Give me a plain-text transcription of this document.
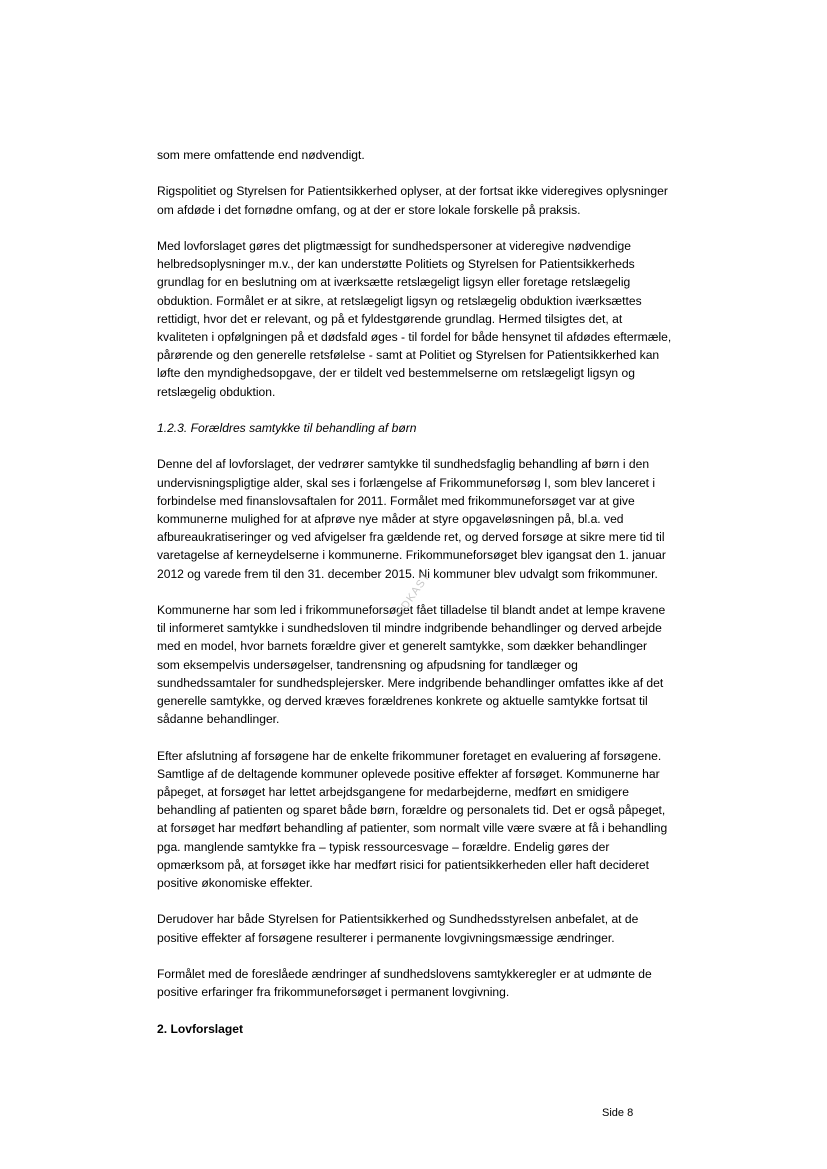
som mere omfattende end nødvendigt.

Rigspolitiet og Styrelsen for Patientsikkerhed oplyser, at der fortsat ikke videregives oplysninger om afdøde i det fornødne omfang, og at der er store lokale forskelle på praksis.

Med lovforslaget gøres det pligtmæssigt for sundhedspersoner at videregive nødvendige helbredsoplysninger m.v., der kan understøtte Politiets og Styrelsen for Patientsikkerheds grundlag for en beslutning om at iværksætte retslægeligt ligsyn eller foretage retslægelig obduktion. Formålet er at sikre, at retslægeligt ligsyn og retslægelig obduktion iværksættes rettidigt, hvor det er relevant, og på et fyldestgørende grundlag. Hermed tilsigtes det, at kvaliteten i opfølgningen på et dødsfald øges - til fordel for både hensynet til afdødes eftermæle, pårørende og den generelle retsfølelse - samt at Politiet og Styrelsen for Patientsikkerhed kan løfte den myndighedsopgave, der er tildelt ved bestemmelserne om retslægeligt ligsyn og retslægelig obduktion.

1.2.3. Forældres samtykke til behandling af børn

Denne del af lovforslaget, der vedrører samtykke til sundhedsfaglig behandling af børn i den undervisningspligtige alder, skal ses i forlængelse af Frikommuneforsøg I, som blev lanceret i forbindelse med finanslovsaftalen for 2011. Formålet med frikommuneforsøget var at give kommunerne mulighed for at afprøve nye måder at styre opgaveløsningen på, bl.a. ved afbureaukratiseringer og ved afvigelser fra gældende ret, og derved forsøge at sikre mere tid til varetagelse af kerneydelserne i kommunerne. Frikommuneforsøget blev igangsat den 1. januar 2012 og varede frem til den 31. december 2015. Ni kommuner blev udvalgt som frikommuner.

Kommunerne har som led i frikommuneforsøget fået tilladelse til blandt andet at lempe kravene til informeret samtykke i sundhedsloven til mindre indgribende behandlinger og derved arbejde med en model, hvor barnets forældre giver et generelt samtykke, som dækker behandlinger som eksempelvis undersøgelser, tandrensning og afpudsning for tandlæger og sundhedssamtaler for sundhedsplejersker. Mere indgribende behandlinger omfattes ikke af det generelle samtykke, og derved kræves forældrenes konkrete og aktuelle samtykke fortsat til sådanne behandlinger.

Efter afslutning af forsøgene har de enkelte frikommuner foretaget en evaluering af forsøgene. Samtlige af de deltagende kommuner oplevede positive effekter af forsøget. Kommunerne har påpeget, at forsøget har lettet arbejdsgangene for medarbejderne, medført en smidigere behandling af patienten og sparet både børn, forældre og personalets tid. Det er også påpeget, at forsøget har medført behandling af patienter, som normalt ville være svære at få i behandling pga. manglende samtykke fra – typisk ressourcesvage – forældre. Endelig gøres der opmærksom på, at forsøget ikke har medført risici for patientsikkerheden eller haft decideret positive økonomiske effekter.

Derudover har både Styrelsen for Patientsikkerhed og Sundhedsstyrelsen anbefalet, at de positive effekter af forsøgene resulterer i permanente lovgivningsmæssige ændringer.

Formålet med de foreslåede ændringer af sundhedslovens samtykkeregler er at udmønte de positive erfaringer fra frikommuneforsøget i permanent lovgivning.

2. Lovforslaget

UDKAST
Side 8
